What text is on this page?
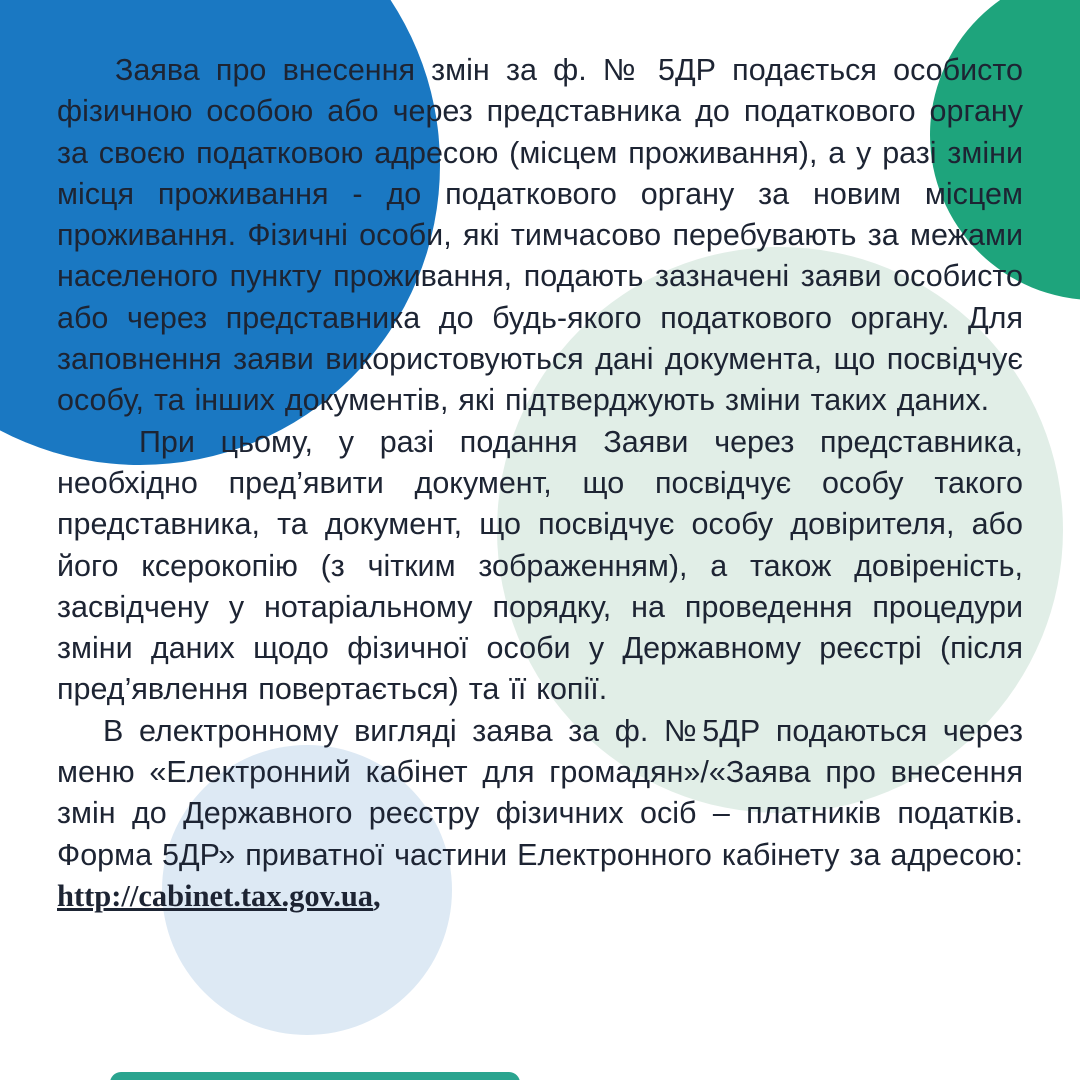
Заява про внесення змін за ф. № 5ДР подається особисто фізичною особою або через представника до податкового органу за своєю податковою адресою (місцем проживання), а у разі зміни місця проживання - до податкового органу за новим місцем проживання. Фізичні особи, які тимчасово перебувають за межами населеного пункту проживання, подають зазначені заяви особисто або через представника до будь-якого податкового органу. Для заповнення заяви використовуються дані документа, що посвідчує особу, та інших документів, які підтверджують зміни таких даних.

При цьому, у разі подання Заяви через представника, необхідно пред’явити документ, що посвідчує особу такого представника, та документ, що посвідчує особу довірителя, або його ксерокопію (з чітким зображенням), а також довіреність, засвідчену у нотаріальному порядку, на проведення процедури зміни даних щодо фізичної особи у Державному реєстрі (після пред’явлення повертається) та її копії.

В електронному вигляді заява за ф. №5ДР подаються через меню «Електронний кабінет для громадян»/«Заява про внесення змін до Державного реєстру фізичних осіб – платників податків. Форма 5ДР» приватної частини Електронного кабінету за адресою: http://cabinet.tax.gov.ua,
